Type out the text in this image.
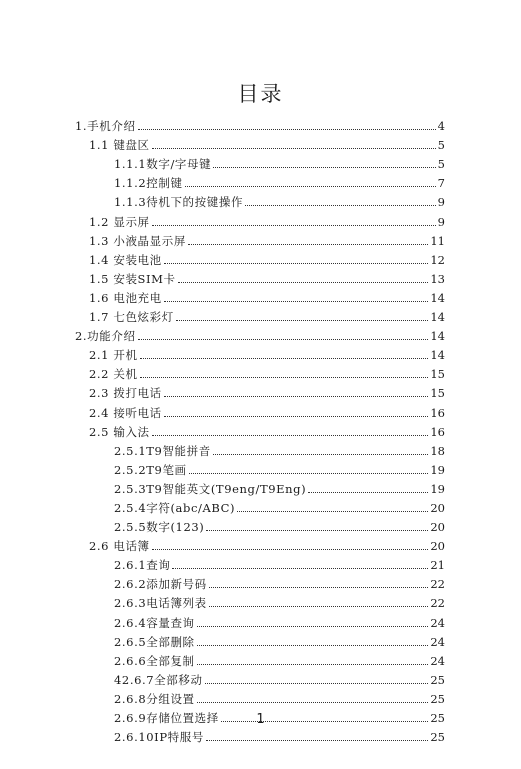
目录
1.手机介绍	4
1.1 键盘区	5
1.1.1数字/字母键	5
1.1.2控制键	7
1.1.3待机下的按键操作	9
1.2 显示屏	9
1.3 小液晶显示屏	11
1.4 安装电池	12
1.5 安装SIM卡	13
1.6 电池充电	14
1.7 七色炫彩灯	14
2.功能介绍	14
2.1 开机	14
2.2 关机	15
2.3 拨打电话	15
2.4 接听电话	16
2.5 输入法	16
2.5.1T9智能拼音	18
2.5.2T9笔画	19
2.5.3T9智能英文(T9eng/T9Eng)	19
2.5.4字符(abc/ABC)	20
2.5.5数字(123)	20
2.6 电话簿	20
2.6.1查询	21
2.6.2添加新号码	22
2.6.3电话簿列表	22
2.6.4容量查询	24
2.6.5全部删除	24
2.6.6全部复制	24
42.6.7全部移动	25
2.6.8分组设置	25
2.6.9存储位置选择	25
2.6.10IP特服号	25
1
